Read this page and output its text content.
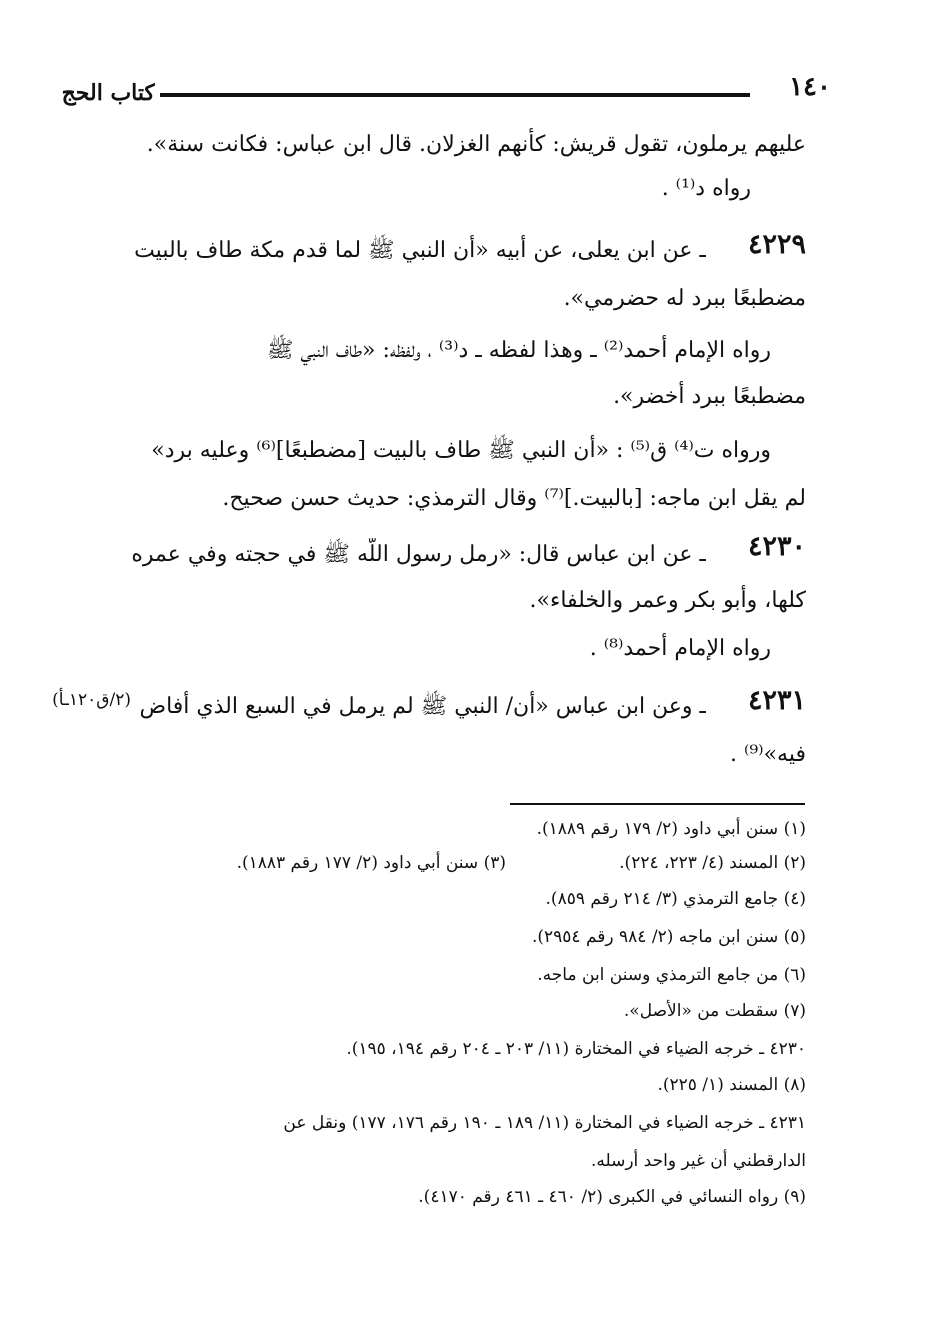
١٤٠
كتاب الحج
عليهم يرملون، تقول قريش: كأنهم الغزلان. قال ابن عباس: فكانت سنة».
رواه د⁽¹⁾ .
٤٢٢٩
ـ عن ابن يعلى، عن أبيه «أن النبي ﷺ لما قدم مكة طاف بالبيت
مضطبعًا ببرد له حضرمي».
رواه الإمام أحمد⁽²⁾ ـ وهذا لفظه ـ د⁽³⁾ ، ولفظه: «طاف النبي ﷺ
مضطبعًا ببرد أخضر».
ورواه ت⁽⁴⁾ ق⁽⁵⁾ : «أن النبي ﷺ طاف بالبيت [مضطبعًا]⁽⁶⁾ وعليه برد»
لم يقل ابن ماجه: [بالبيت.]⁽⁷⁾ وقال الترمذي: حديث حسن صحيح.
٤٢٣٠
ـ عن ابن عباس قال: «رمل رسول اللّه ﷺ في حجته وفي عمره
كلها، وأبو بكر وعمر والخلفاء».
رواه الإمام أحمد⁽⁸⁾ .
(٢/ق١٢٠ـأ)	٤٢٣١
ـ وعن ابن عباس «أن/ النبي ﷺ لم يرمل في السبع الذي أفاض
فيه»⁽⁹⁾ .
(١) سنن أبي داود (٢/ ١٧٩ رقم ١٨٨٩).
(٢) المسند (٤/ ٢٢٣، ٢٢٤).
(٣) سنن أبي داود (٢/ ١٧٧ رقم ١٨٨٣).
(٤) جامع الترمذي (٣/ ٢١٤ رقم ٨٥٩).
(٥) سنن ابن ماجه (٢/ ٩٨٤ رقم ٢٩٥٤).
(٦) من جامع الترمذي وسنن ابن ماجه.
(٧) سقطت من «الأصل».
٤٢٣٠ ـ خرجه الضياء في المختارة (١١/ ٢٠٣ ـ ٢٠٤ رقم ١٩٤، ١٩٥).
(٨) المسند (١/ ٢٢٥).
٤٢٣١ ـ خرجه الضياء في المختارة (١١/ ١٨٩ ـ ١٩٠ رقم ١٧٦، ١٧٧) ونقل عن
الدارقطني أن غير واحد أرسله.
(٩) رواه النسائي في الكبرى (٢/ ٤٦٠ ـ ٤٦١ رقم ٤١٧٠).
